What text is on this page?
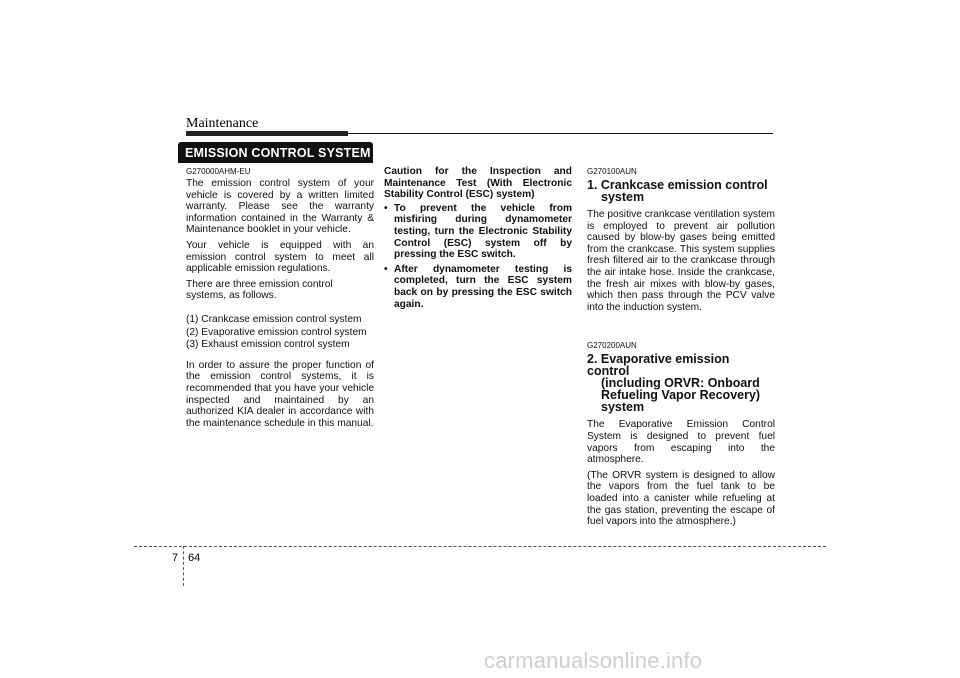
Maintenance
EMISSION CONTROL SYSTEM
G270000AHM-EU

The emission control system of your vehicle is covered by a written limited warranty. Please see the warranty information contained in the Warranty & Maintenance booklet in your vehicle.

Your vehicle is equipped with an emission control system to meet all applicable emission regulations.

There are three emission control systems, as follows.

(1) Crankcase emission control system
(2) Evaporative emission control system
(3) Exhaust emission control system

In order to assure the proper function of the emission control systems, it is recommended that you have your vehicle inspected and maintained by an authorized KIA dealer in accordance with the maintenance schedule in this manual.

Caution for the Inspection and Maintenance Test (With Electronic Stability Control (ESC) system)

• To prevent the vehicle from misfiring during dynamometer testing, turn the Electronic Stability Control (ESC) system off by pressing the ESC switch.
• After dynamometer testing is completed, turn the ESC system back on by pressing the ESC switch again.
G270100AUN
1. Crankcase emission control
system

The positive crankcase ventilation system is employed to prevent air pollution caused by blow-by gases being emitted from the crankcase. This system supplies fresh filtered air to the crankcase through the air intake hose. Inside the crankcase, the fresh air mixes with blow-by gases, which then pass through the PCV valve into the induction system.

G270200AUN
2. Evaporative emission control
(including ORVR: Onboard
Refueling Vapor Recovery)
system

The Evaporative Emission Control System is designed to prevent fuel vapors from escaping into the atmosphere.

(The ORVR system is designed to allow the vapors from the fuel tank to be loaded into a canister while refueling at the gas station, preventing the escape of fuel vapors into the atmosphere.)

7 64
carmanualsonline.info
